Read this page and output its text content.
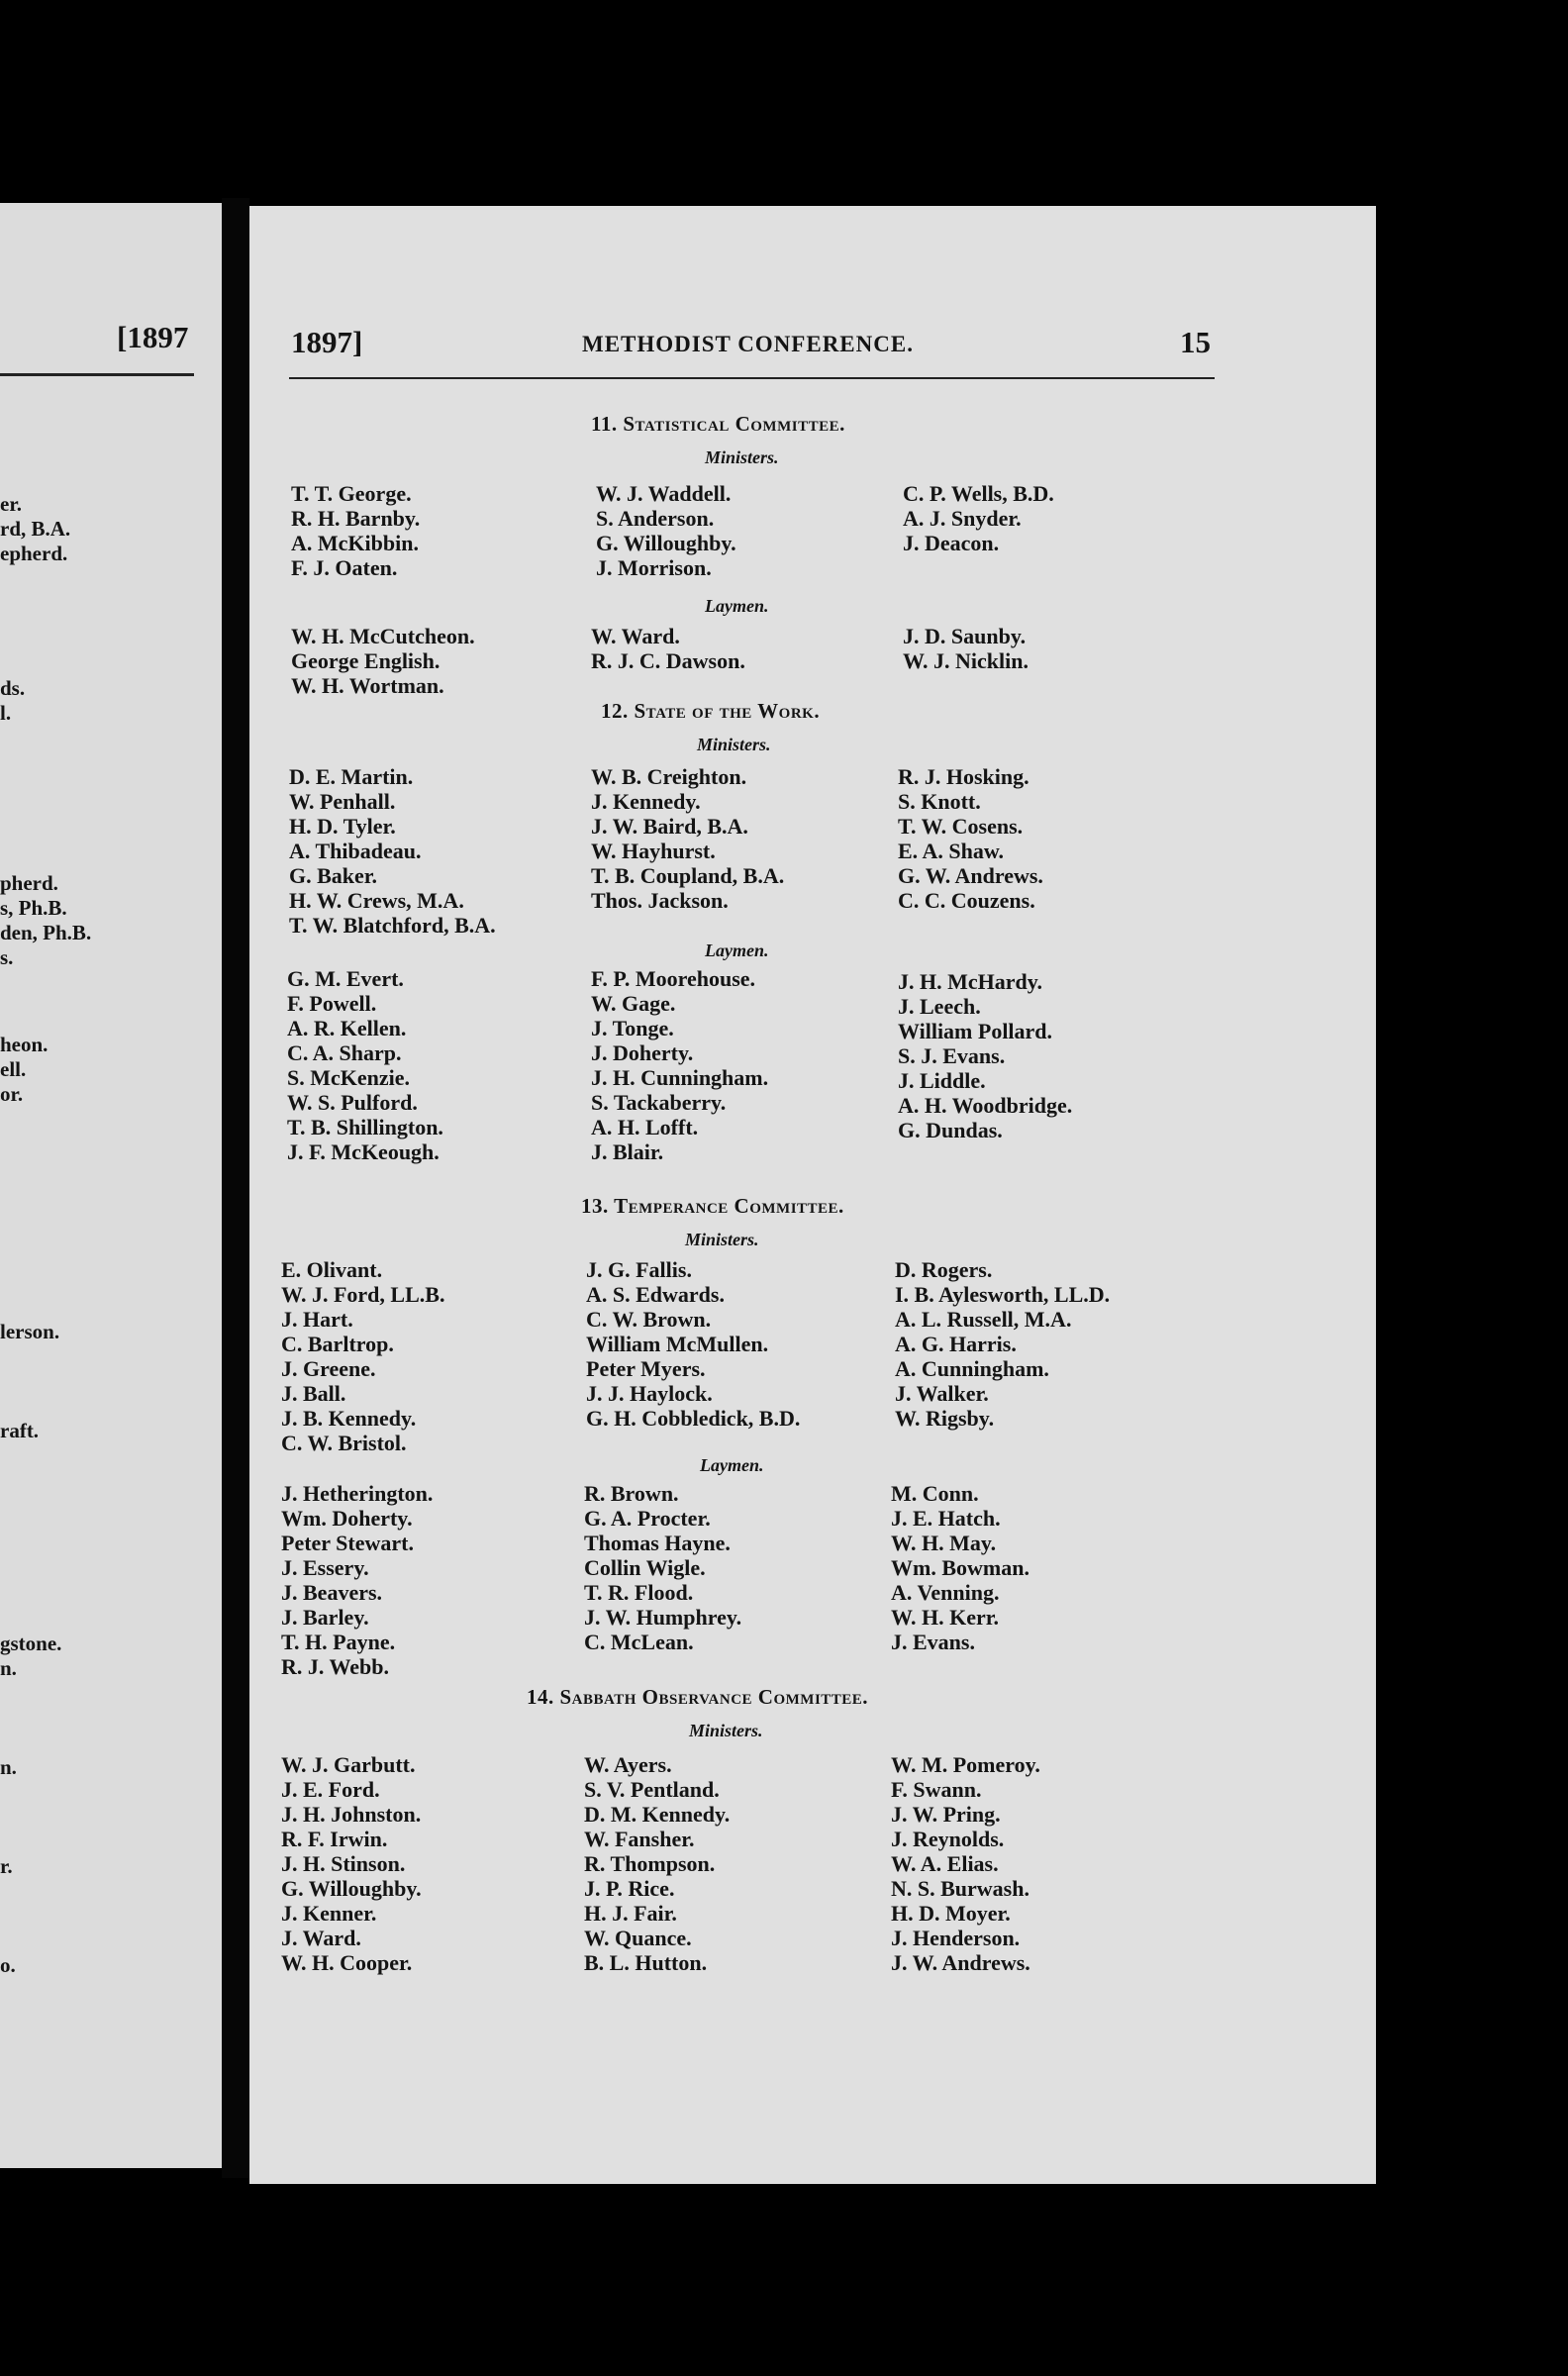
[1897
er.
rd, B.A.
epherd.
ds.
l.
pherd.
s, Ph.B.
den, Ph.B.
s.
heon.
ell.
or.
lerson.
raft.
gstone.
n.
n.
r.
o.
1897]	METHODIST CONFERENCE.	15
11. Statistical Committee.
Ministers.
T. T. George.
R. H. Barnby.
A. McKibbin.
F. J. Oaten.
W. J. Waddell.
S. Anderson.
G. Willoughby.
J. Morrison.
C. P. Wells, B.D.
A. J. Snyder.
J. Deacon.
Laymen.
W. H. McCutcheon.
George English.
W. H. Wortman.
W. Ward.
R. J. C. Dawson.
J. D. Saunby.
W. J. Nicklin.
12. State of the Work.
Ministers.
D. E. Martin.
W. Penhall.
H. D. Tyler.
A. Thibadeau.
G. Baker.
H. W. Crews, M.A.
T. W. Blatchford, B.A.
W. B. Creighton.
J. Kennedy.
J. W. Baird, B.A.
W. Hayhurst.
T. B. Coupland, B.A.
Thos. Jackson.
R. J. Hosking.
S. Knott.
T. W. Cosens.
E. A. Shaw.
G. W. Andrews.
C. C. Couzens.
Laymen.
G. M. Evert.
F. Powell.
A. R. Kellen.
C. A. Sharp.
S. McKenzie.
W. S. Pulford.
T. B. Shillington.
J. F. McKeough.
F. P. Moorehouse.
W. Gage.
J. Tonge.
J. Doherty.
J. H. Cunningham.
S. Tackaberry.
A. H. Lofft.
J. Blair.
J. H. McHardy.
J. Leech.
William Pollard.
S. J. Evans.
J. Liddle.
A. H. Woodbridge.
G. Dundas.
13. Temperance Committee.
Ministers.
E. Olivant.
W. J. Ford, LL.B.
J. Hart.
C. Barltrop.
J. Greene.
J. Ball.
J. B. Kennedy.
C. W. Bristol.
J. G. Fallis.
A. S. Edwards.
C. W. Brown.
William McMullen.
Peter Myers.
J. J. Haylock.
G. H. Cobbledick, B.D.
D. Rogers.
I. B. Aylesworth, LL.D.
A. L. Russell, M.A.
A. G. Harris.
A. Cunningham.
J. Walker.
W. Rigsby.
Laymen.
J. Hetherington.
Wm. Doherty.
Peter Stewart.
J. Essery.
J. Beavers.
J. Barley.
T. H. Payne.
R. J. Webb.
R. Brown.
G. A. Procter.
Thomas Hayne.
Collin Wigle.
T. R. Flood.
J. W. Humphrey.
C. McLean.
M. Conn.
J. E. Hatch.
W. H. May.
Wm. Bowman.
A. Venning.
W. H. Kerr.
J. Evans.
14. Sabbath Observance Committee.
Ministers.
W. J. Garbutt.
J. E. Ford.
J. H. Johnston.
R. F. Irwin.
J. H. Stinson.
G. Willoughby.
J. Kenner.
J. Ward.
W. H. Cooper.
W. Ayers.
S. V. Pentland.
D. M. Kennedy.
W. Fansher.
R. Thompson.
J. P. Rice.
H. J. Fair.
W. Quance.
B. L. Hutton.
W. M. Pomeroy.
F. Swann.
J. W. Pring.
J. Reynolds.
W. A. Elias.
N. S. Burwash.
H. D. Moyer.
J. Henderson.
J. W. Andrews.
